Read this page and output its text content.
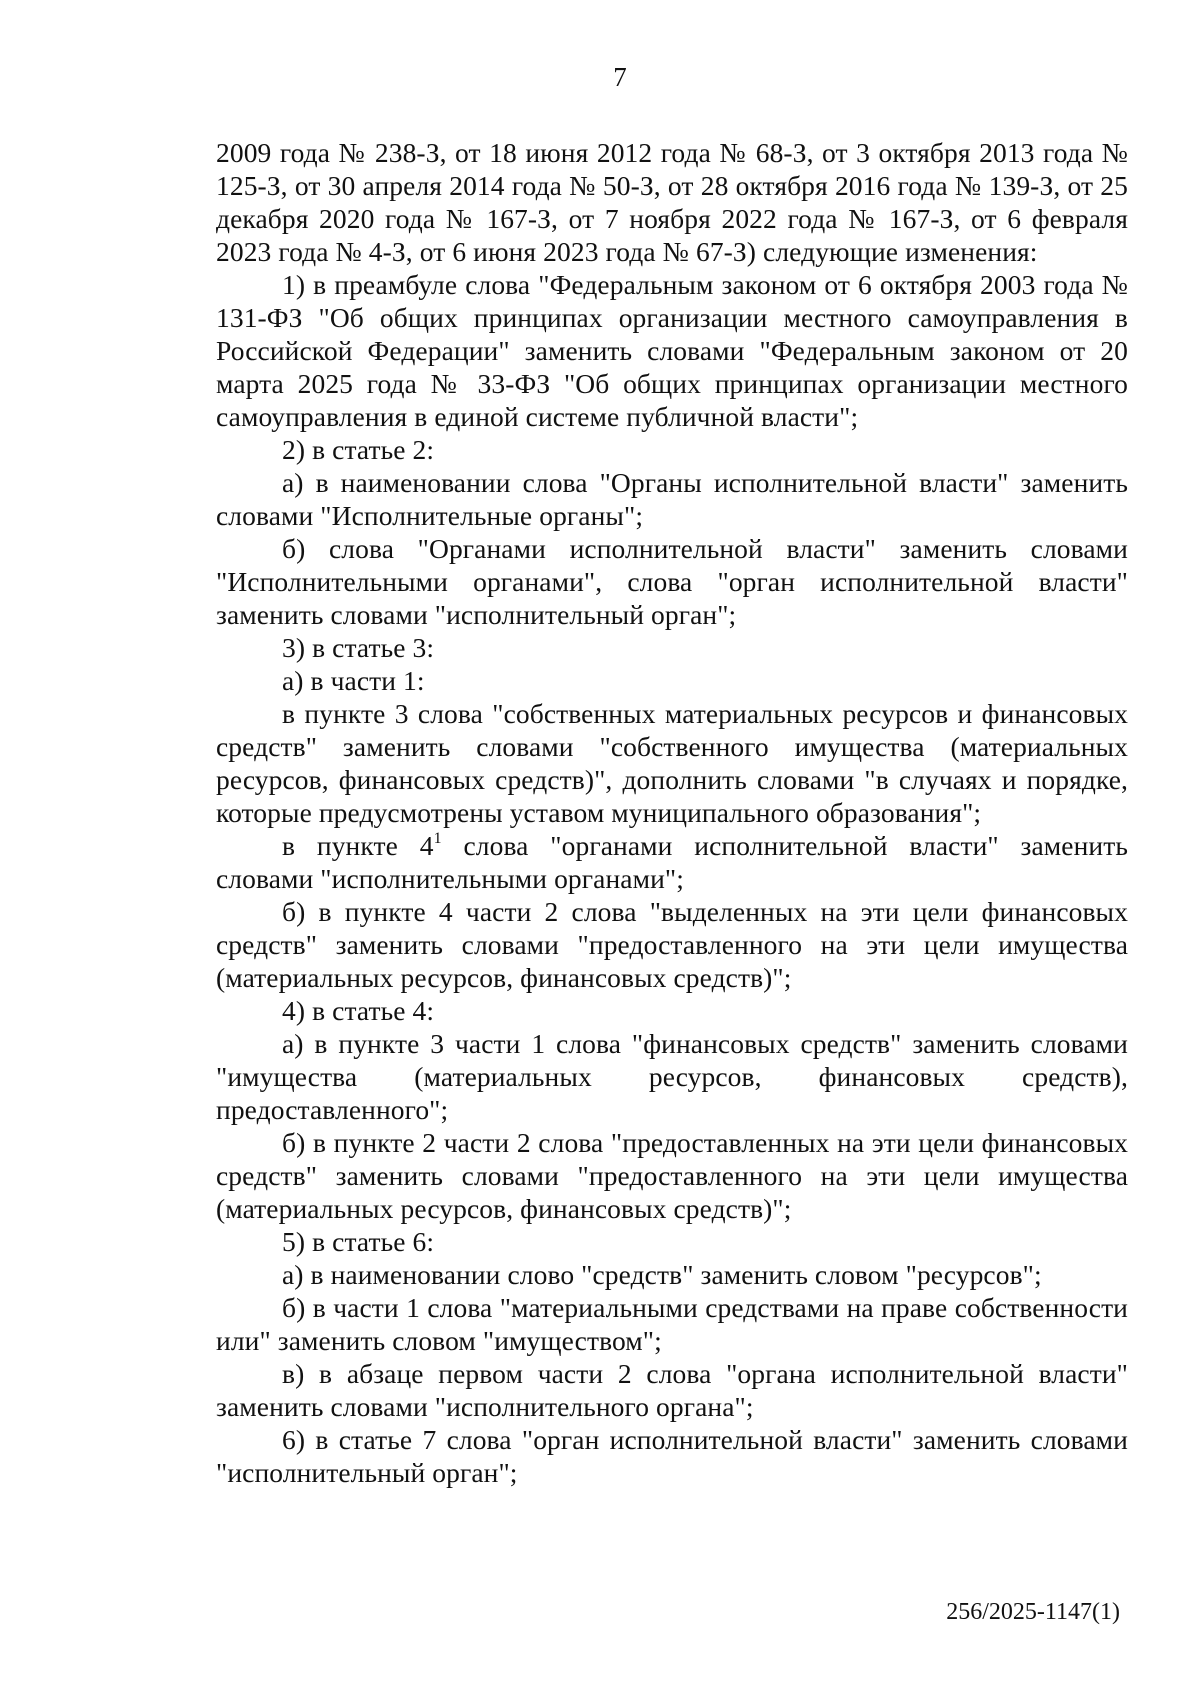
7

2009 года № 238-З, от 18 июня 2012 года № 68-З, от 3 октября 2013 года № 125-З, от 30 апреля 2014 года № 50-З, от 28 октября 2016 года № 139-З, от 25 декабря 2020 года № 167-З, от 7 ноября 2022 года № 167-З, от 6 февраля 2023 года № 4-З, от 6 июня 2023 года № 67-З) следующие изменения:

1) в преамбуле слова "Федеральным законом от 6 октября 2003 года № 131-ФЗ "Об общих принципах организации местного самоуправления в Российской Федерации" заменить словами "Федеральным законом от 20 марта 2025 года № 33-ФЗ "Об общих принципах организации местного самоуправления в единой системе публичной власти";

2) в статье 2:

а) в наименовании слова "Органы исполнительной власти" заменить словами "Исполнительные органы";

б) слова "Органами исполнительной власти" заменить словами "Исполнительными органами", слова "орган исполнительной власти" заменить словами "исполнительный орган";

3) в статье 3:

а) в части 1:

в пункте 3 слова "собственных материальных ресурсов и финансовых средств" заменить словами "собственного имущества (материальных ресурсов, финансовых средств)", дополнить словами "в случаях и порядке, которые предусмотрены уставом муниципального образования";

в пункте $4^1$ слова "органами исполнительной власти" заменить словами "исполнительными органами";

б) в пункте 4 части 2 слова "выделенных на эти цели финансовых средств" заменить словами "предоставленного на эти цели имущества (материальных ресурсов, финансовых средств)";

4) в статье 4:

а) в пункте 3 части 1 слова "финансовых средств" заменить словами "имущества (материальных ресурсов, финансовых средств), предоставленного";

б) в пункте 2 части 2 слова "предоставленных на эти цели финансовых средств" заменить словами "предоставленного на эти цели имущества (материальных ресурсов, финансовых средств)";

5) в статье 6:

а) в наименовании слово "средств" заменить словом "ресурсов";

б) в части 1 слова "материальными средствами на праве собственности или" заменить словом "имуществом";

в) в абзаце первом части 2 слова "органа исполнительной власти" заменить словами "исполнительного органа";

6) в статье 7 слова "орган исполнительной власти" заменить словами "исполнительный орган";

256/2025-1147(1)
